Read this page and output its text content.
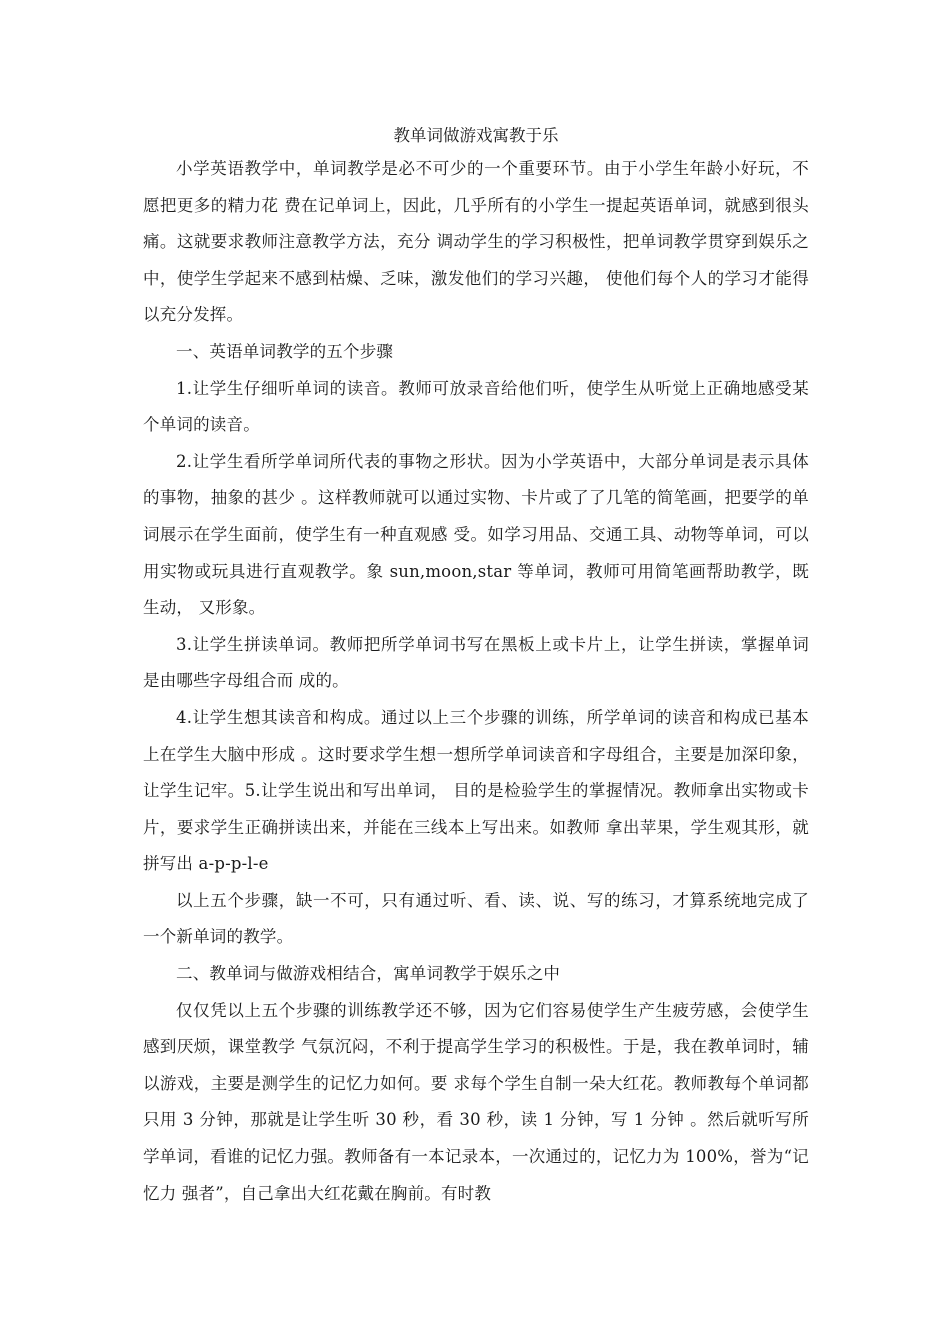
教单词做游戏寓教于乐

小学英语教学中，单词教学是必不可少的一个重要环节。由于小学生年龄小好玩，不愿把更多的精力花 费在记单词上，因此，几乎所有的小学生一提起英语单词，就感到很头痛。这就要求教师注意教学方法，充分 调动学生的学习积极性，把单词教学贯穿到娱乐之中，使学生学起来不感到枯燥、乏味，激发他们的学习兴趣， 使他们每个人的学习才能得以充分发挥。

一、英语单词教学的五个步骤

1.让学生仔细听单词的读音。教师可放录音给他们听，使学生从听觉上正确地感受某个单词的读音。

2.让学生看所学单词所代表的事物之形状。因为小学英语中，大部分单词是表示具体的事物，抽象的甚少 。这样教师就可以通过实物、卡片或了了几笔的简笔画，把要学的单词展示在学生面前，使学生有一种直观感 受。如学习用品、交通工具、动物等单词，可以用实物或玩具进行直观教学。象 sun,moon,star 等单词，教师可用简笔画帮助教学，既生动， 又形象。

3.让学生拼读单词。教师把所学单词书写在黑板上或卡片上，让学生拼读，掌握单词是由哪些字母组合而 成的。

4.让学生想其读音和构成。通过以上三个步骤的训练，所学单词的读音和构成已基本上在学生大脑中形成 。这时要求学生想一想所学单词读音和字母组合，主要是加深印象，让学生记牢。5.让学生说出和写出单词， 目的是检验学生的掌握情况。教师拿出实物或卡片，要求学生正确拼读出来，并能在三线本上写出来。如教师 拿出苹果，学生观其形，就拼写出 a-p-p-l-e

以上五个步骤，缺一不可，只有通过听、看、读、说、写的练习，才算系统地完成了一个新单词的教学。

二、教单词与做游戏相结合，寓单词教学于娱乐之中

仅仅凭以上五个步骤的训练教学还不够，因为它们容易使学生产生疲劳感，会使学生感到厌烦，课堂教学 气氛沉闷，不利于提高学生学习的积极性。于是，我在教单词时，辅以游戏，主要是测学生的记忆力如何。要 求每个学生自制一朵大红花。教师教每个单词都只用 3 分钟，那就是让学生听 30 秒，看 30 秒，读 1 分钟，写 1 分钟 。然后就听写所学单词，看谁的记忆力强。教师备有一本记录本，一次通过的，记忆力为 100%，誉为“记忆力 强者”，自己拿出大红花戴在胸前。有时教
